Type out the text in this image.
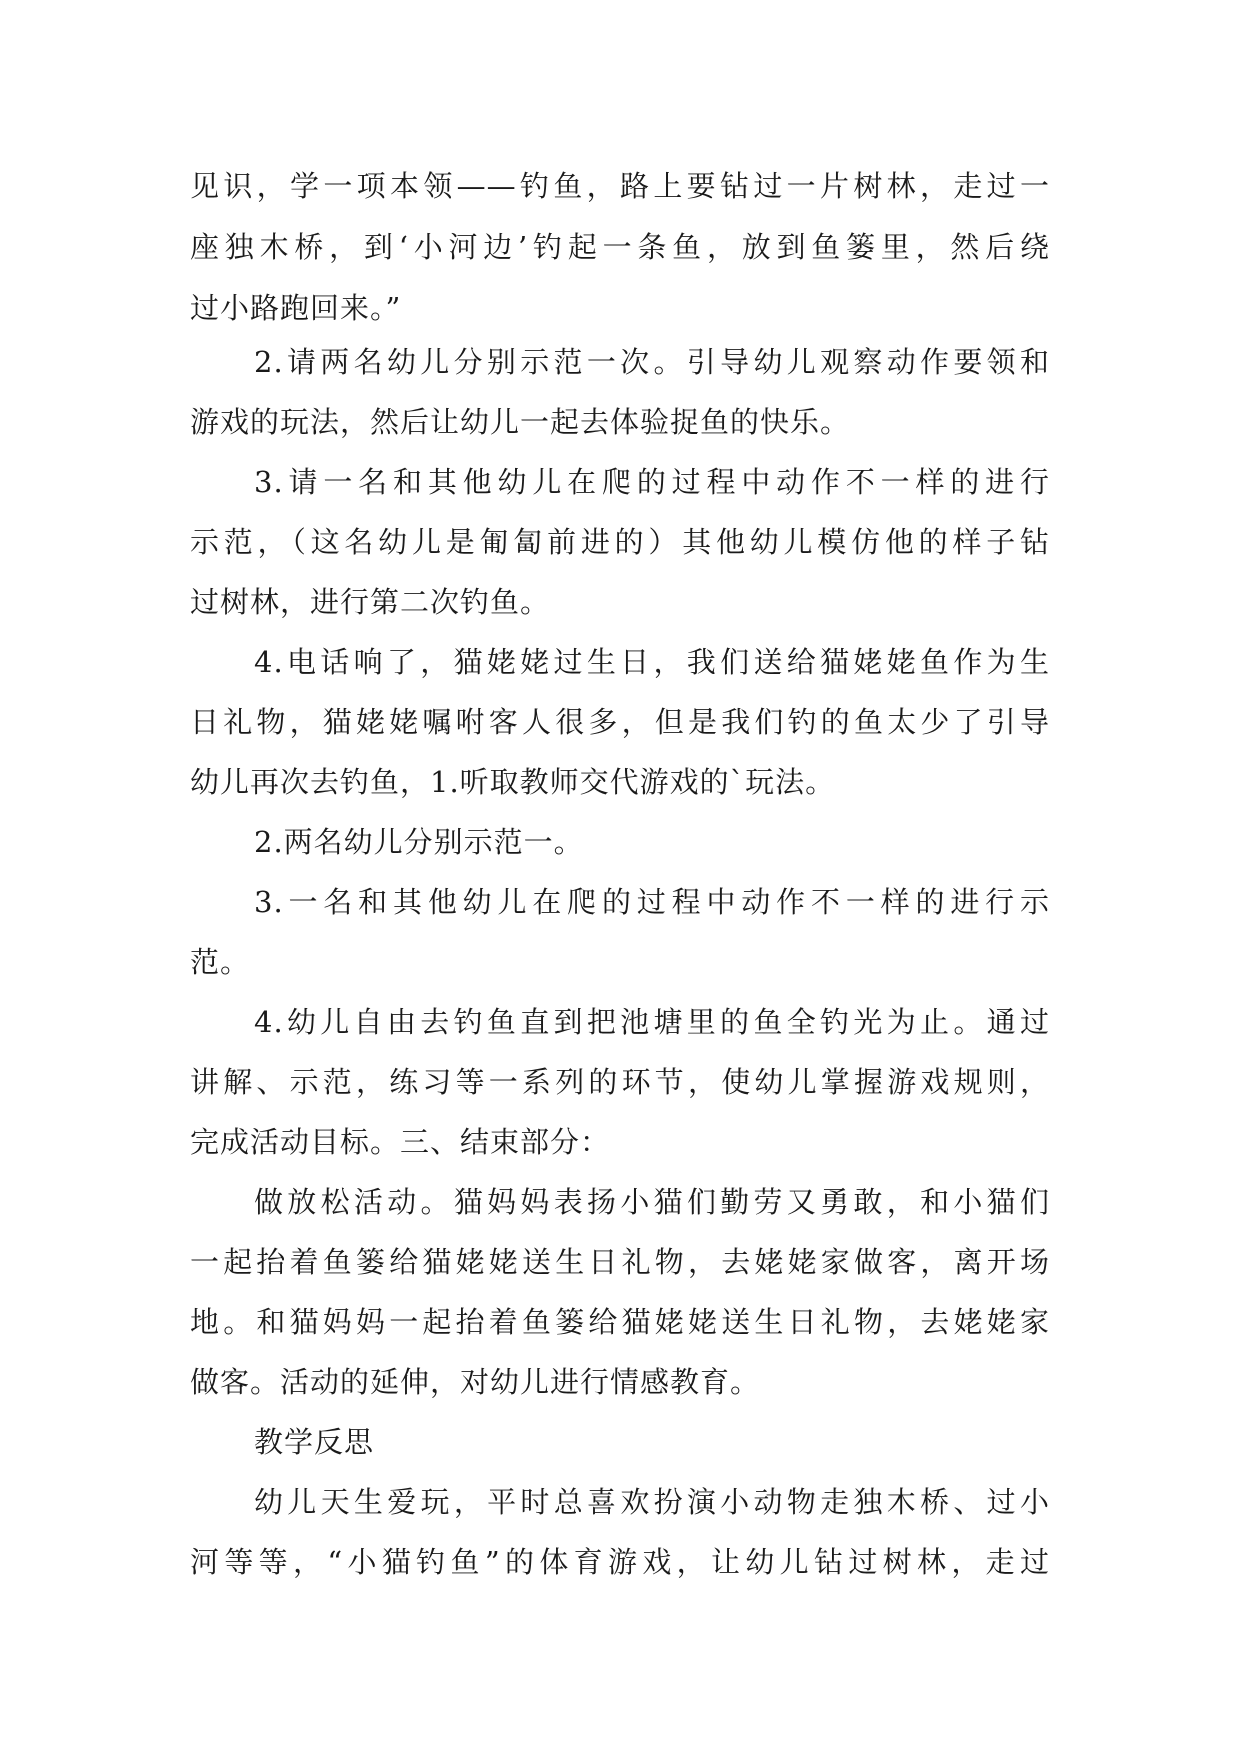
见识，学一项本领——钓鱼，路上要钻过一片树林，走过一
座独木桥，到‘小河边’钓起一条鱼，放到鱼篓里，然后绕
过小路跑回来。”
2.请两名幼儿分别示范一次。引导幼儿观察动作要领和
游戏的玩法，然后让幼儿一起去体验捉鱼的快乐。
3.请一名和其他幼儿在爬的过程中动作不一样的进行
示范，（这名幼儿是匍匐前进的）其他幼儿模仿他的样子钻
过树林，进行第二次钓鱼。
4.电话响了，猫姥姥过生日，我们送给猫姥姥鱼作为生
日礼物，猫姥姥嘱咐客人很多，但是我们钓的鱼太少了引导
幼儿再次去钓鱼，1.听取教师交代游戏的`玩法。
2.两名幼儿分别示范一。
3.一名和其他幼儿在爬的过程中动作不一样的进行示
范。
4.幼儿自由去钓鱼直到把池塘里的鱼全钓光为止。通过
讲解、示范，练习等一系列的环节，使幼儿掌握游戏规则，
完成活动目标。三、结束部分：
做放松活动。猫妈妈表扬小猫们勤劳又勇敢，和小猫们
一起抬着鱼篓给猫姥姥送生日礼物，去姥姥家做客，离开场
地。和猫妈妈一起抬着鱼篓给猫姥姥送生日礼物，去姥姥家
做客。活动的延伸，对幼儿进行情感教育。
教学反思
幼儿天生爱玩，平时总喜欢扮演小动物走独木桥、过小
河等等，“小猫钓鱼”的体育游戏，让幼儿钻过树林，走过
